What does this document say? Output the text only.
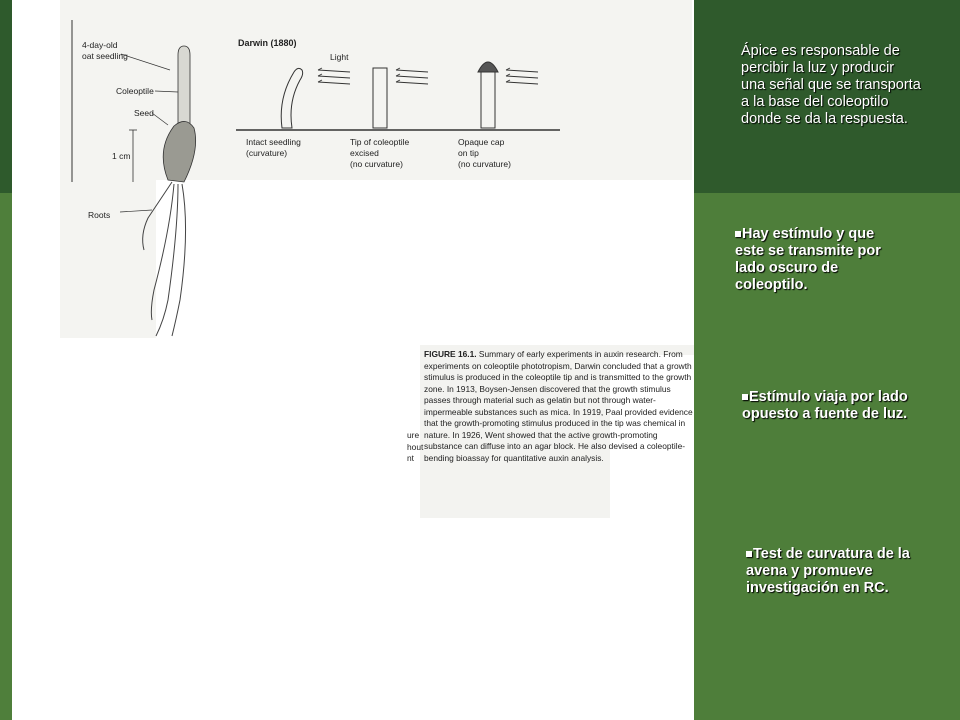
4-day-old
oat seedling
Coleoptile
Seed
1 cm
Roots
Darwin (1880)
Light
Intact seedling
(curvature)
Tip of coleoptile
excised
(no curvature)
Opaque cap
on tip
(no curvature)
FIGURE 16.1. Summary of early experiments in auxin research. From experiments on coleoptile phototropism, Darwin concluded that a growth stimulus is produced in the coleoptile tip and is transmitted to the growth zone. In 1913, Boysen-Jensen discovered that the growth stimulus passes through material such as gelatin but not through water-impermeable substances such as mica. In 1919, Paal provided evidence that the growth-promoting stimulus produced in the tip was chemical in nature. In 1926, Went showed that the active growth-promoting substance can diffuse into an agar block. He also devised a coleoptile-bending bioassay for quantitative auxin analysis.
ure
hout
nt
Ápice es responsable de percibir la luz y producir una señal que se transporta a la base del coleoptilo donde se da la respuesta.
Hay estímulo y que este se transmite por lado oscuro de coleoptilo.
Estímulo viaja por lado opuesto a fuente de luz.
Test de curvatura de la avena y promueve investigación en RC.
